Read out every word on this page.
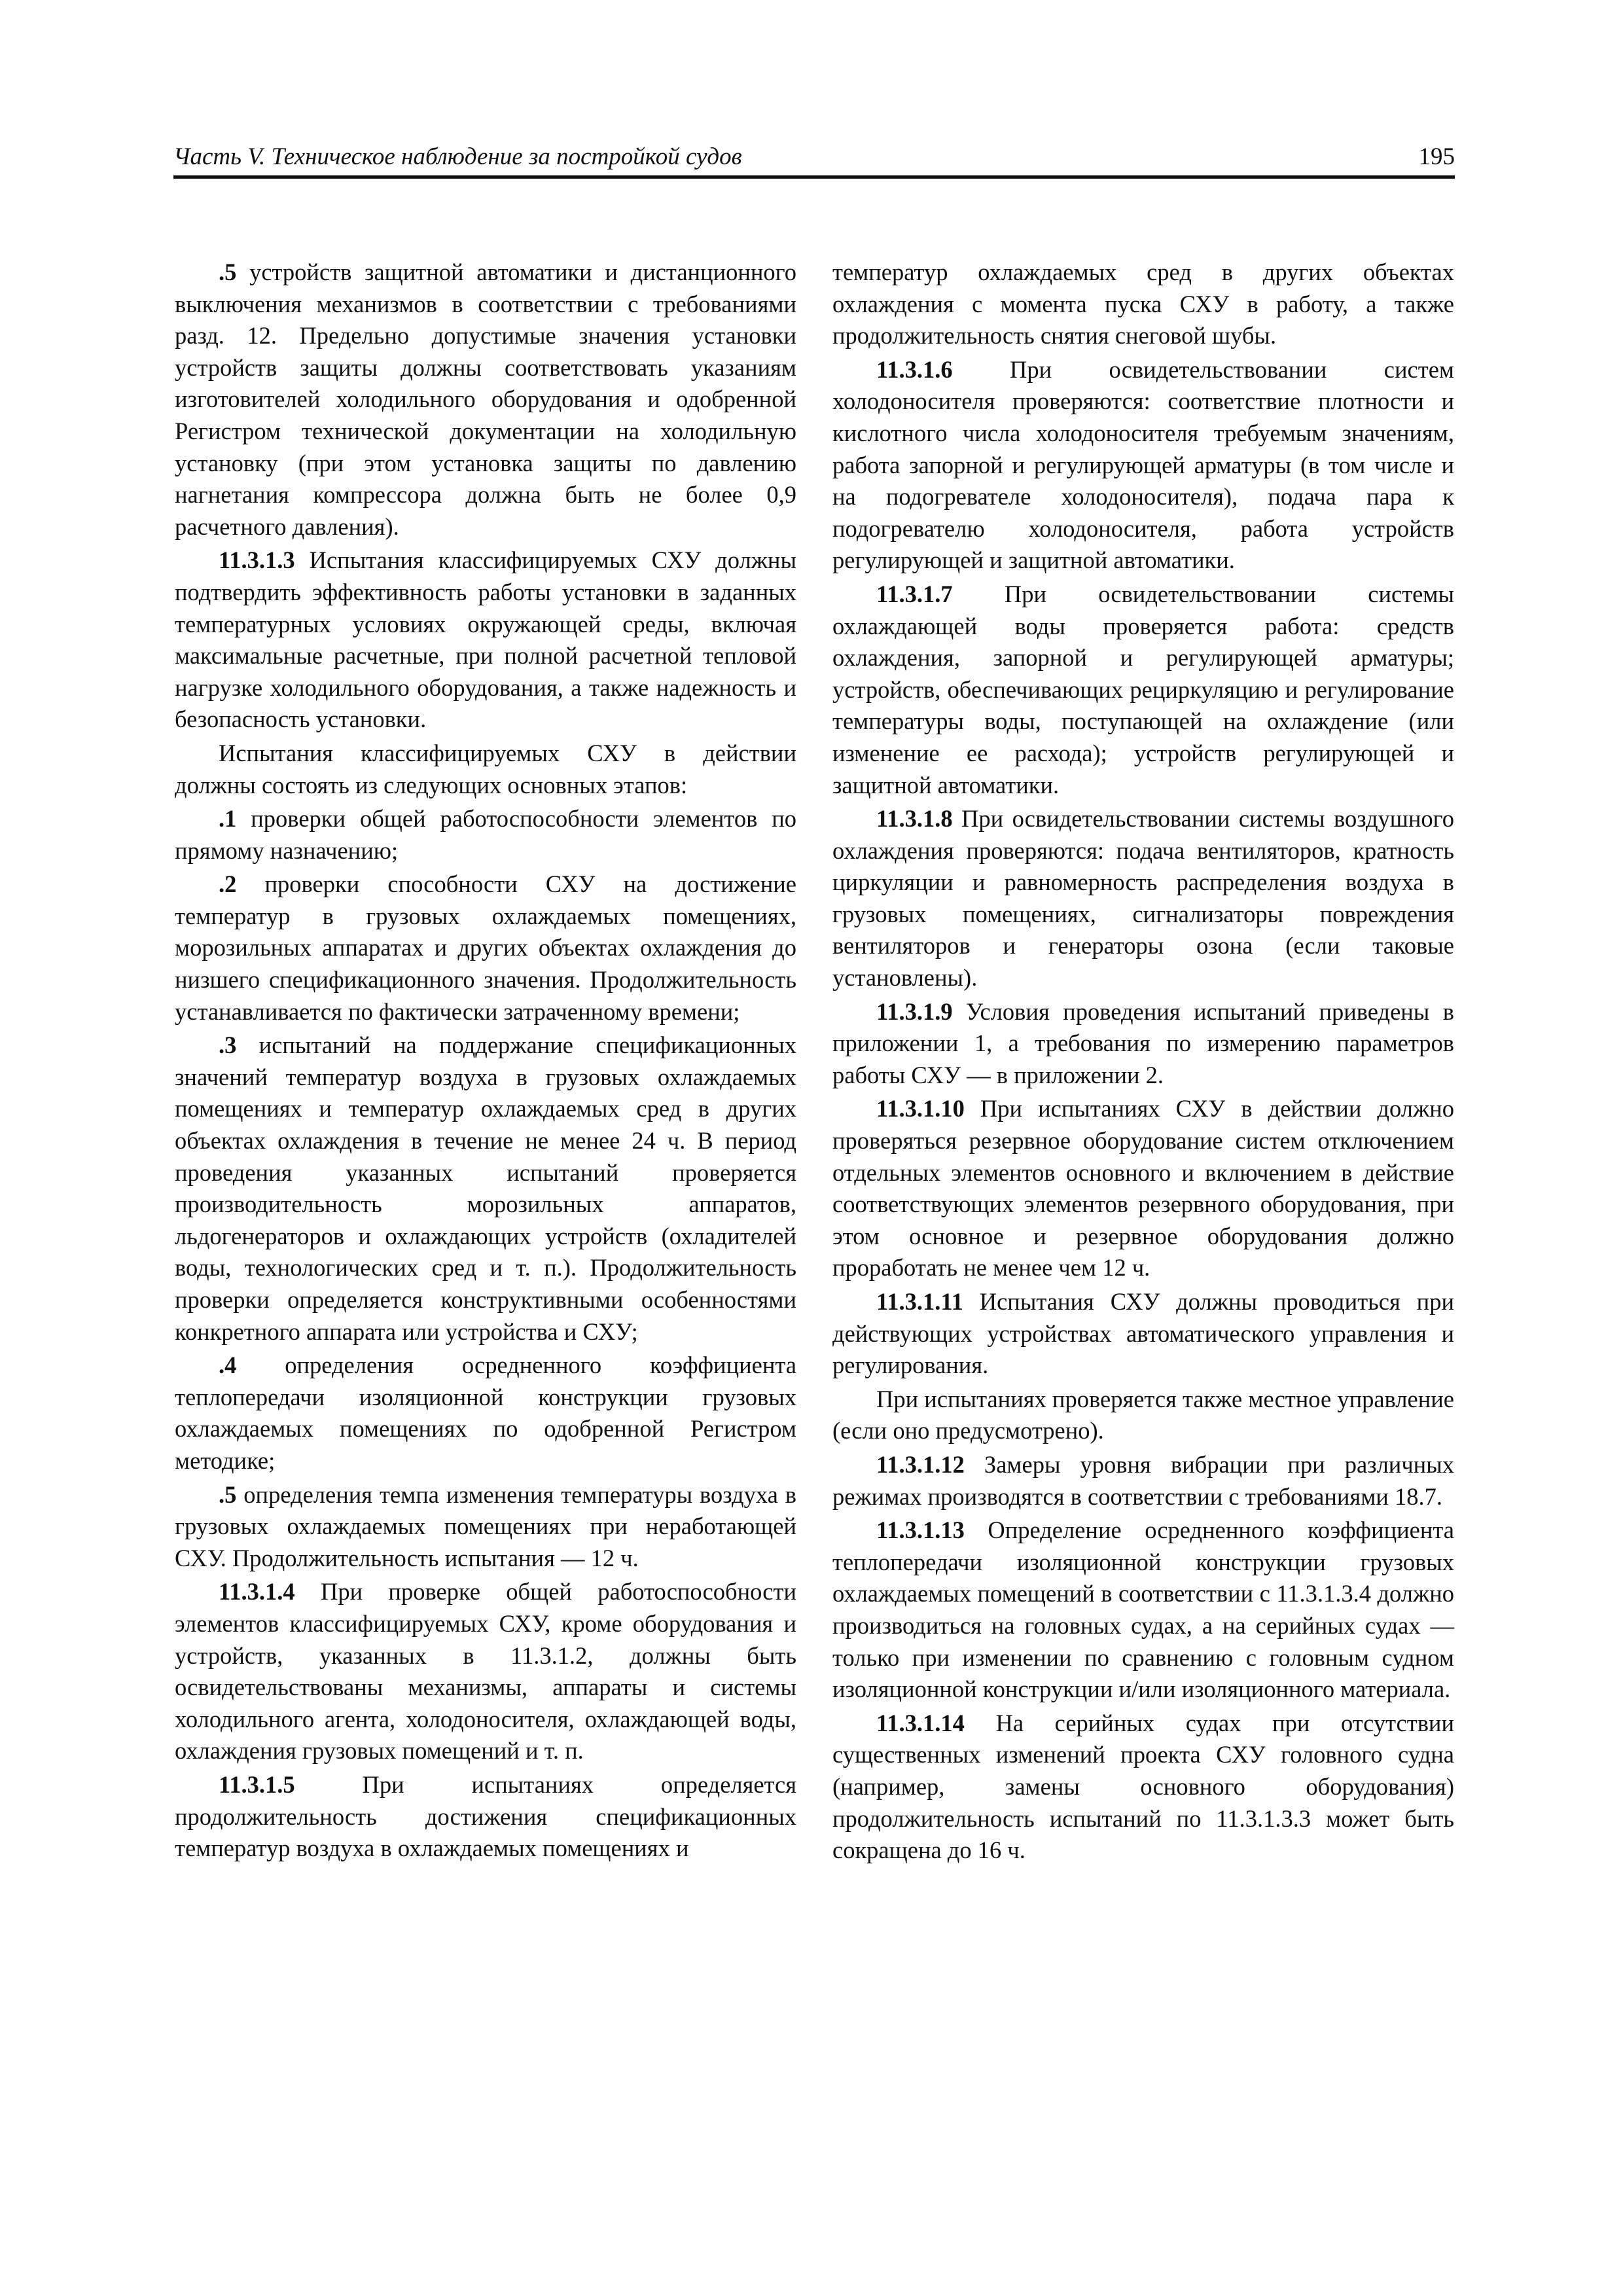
Часть V. Техническое наблюдение за постройкой судов	195

.5 устройств защитной автоматики и дистанционного выключения механизмов в соответствии с требованиями разд. 12. Предельно допустимые значения установки устройств защиты должны соответствовать указаниям изготовителей холодильного оборудования и одобренной Регистром технической документации на холодильную установку (при этом установка защиты по давлению нагнетания компрессора должна быть не более 0,9 расчетного давления).

11.3.1.3 Испытания классифицируемых СХУ должны подтвердить эффективность работы установки в заданных температурных условиях окружающей среды, включая максимальные расчетные, при полной расчетной тепловой нагрузке холодильного оборудования, а также надежность и безопасность установки.

Испытания классифицируемых СХУ в действии должны состоять из следующих основных этапов:

.1 проверки общей работоспособности элементов по прямому назначению;

.2 проверки способности СХУ на достижение температур в грузовых охлаждаемых помещениях, морозильных аппаратах и других объектах охлаждения до низшего спецификационного значения. Продолжительность устанавливается по фактически затраченному времени;

.3 испытаний на поддержание спецификационных значений температур воздуха в грузовых охлаждаемых помещениях и температур охлаждаемых сред в других объектах охлаждения в течение не менее 24 ч. В период проведения указанных испытаний проверяется производительность морозильных аппаратов, льдогенераторов и охлаждающих устройств (охладителей воды, технологических сред и т. п.). Продолжительность проверки определяется конструктивными особенностями конкретного аппарата или устройства и СХУ;

.4 определения осредненного коэффициента теплопередачи изоляционной конструкции грузовых охлаждаемых помещениях по одобренной Регистром методике;

.5 определения темпа изменения температуры воздуха в грузовых охлаждаемых помещениях при неработающей СХУ. Продолжительность испытания — 12 ч.

11.3.1.4 При проверке общей работоспособности элементов классифицируемых СХУ, кроме оборудования и устройств, указанных в 11.3.1.2, должны быть освидетельствованы механизмы, аппараты и системы холодильного агента, холодоносителя, охлаждающей воды, охлаждения грузовых помещений и т. п.

11.3.1.5 При испытаниях определяется продолжительность достижения спецификационных температур воздуха в охлаждаемых помещениях и

температур охлаждаемых сред в других объектах охлаждения с момента пуска СХУ в работу, а также продолжительность снятия снеговой шубы.

11.3.1.6 При освидетельствовании систем холодоносителя проверяются: соответствие плотности и кислотного числа холодоносителя требуемым значениям, работа запорной и регулирующей арматуры (в том числе и на подогревателе холодоносителя), подача пара к подогревателю холодоносителя, работа устройств регулирующей и защитной автоматики.

11.3.1.7 При освидетельствовании системы охлаждающей воды проверяется работа: средств охлаждения, запорной и регулирующей арматуры; устройств, обеспечивающих рециркуляцию и регулирование температуры воды, поступающей на охлаждение (или изменение ее расхода); устройств регулирующей и защитной автоматики.

11.3.1.8 При освидетельствовании системы воздушного охлаждения проверяются: подача вентиляторов, кратность циркуляции и равномерность распределения воздуха в грузовых помещениях, сигнализаторы повреждения вентиляторов и генераторы озона (если таковые установлены).

11.3.1.9 Условия проведения испытаний приведены в приложении 1, а требования по измерению параметров работы СХУ — в приложении 2.

11.3.1.10 При испытаниях СХУ в действии должно проверяться резервное оборудование систем отключением отдельных элементов основного и включением в действие соответствующих элементов резервного оборудования, при этом основное и резервное оборудования должно проработать не менее чем 12 ч.

11.3.1.11 Испытания СХУ должны проводиться при действующих устройствах автоматического управления и регулирования.

При испытаниях проверяется также местное управление (если оно предусмотрено).

11.3.1.12 Замеры уровня вибрации при различных режимах производятся в соответствии с требованиями 18.7.

11.3.1.13 Определение осредненного коэффициента теплопередачи изоляционной конструкции грузовых охлаждаемых помещений в соответствии с 11.3.1.3.4 должно производиться на головных судах, а на серийных судах — только при изменении по сравнению с головным судном изоляционной конструкции и/или изоляционного материала.

11.3.1.14 На серийных судах при отсутствии существенных изменений проекта СХУ головного судна (например, замены основного оборудования) продолжительность испытаний по 11.3.1.3.3 может быть сокращена до 16 ч.
